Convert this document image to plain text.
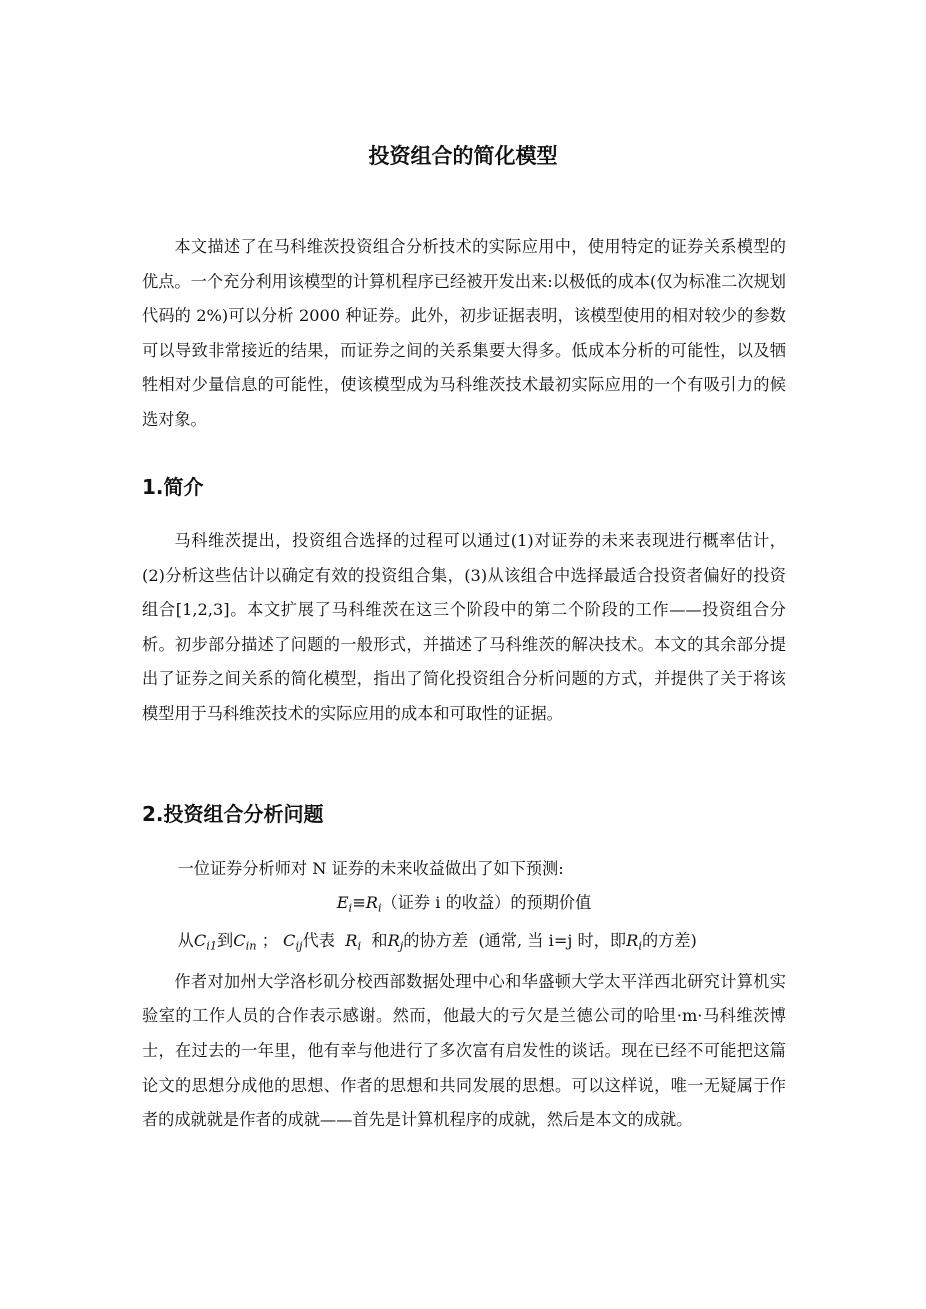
投资组合的简化模型

本文描述了在马科维茨投资组合分析技术的实际应用中，使用特定的证券关系模型的优点。一个充分利用该模型的计算机程序已经被开发出来:以极低的成本(仅为标准二次规划代码的 2%)可以分析 2000 种证券。此外，初步证据表明，该模型使用的相对较少的参数可以导致非常接近的结果，而证券之间的关系集要大得多。低成本分析的可能性，以及牺牲相对少量信息的可能性，使该模型成为马科维茨技术最初实际应用的一个有吸引力的候选对象。

1.简介

马科维茨提出，投资组合选择的过程可以通过(1)对证券的未来表现进行概率估计，(2)分析这些估计以确定有效的投资组合集，(3)从该组合中选择最适合投资者偏好的投资组合[1,2,3]。本文扩展了马科维茨在这三个阶段中的第二个阶段的工作——投资组合分析。初步部分描述了问题的一般形式，并描述了马科维茨的解决技术。本文的其余部分提出了证券之间关系的简化模型，指出了简化投资组合分析问题的方式，并提供了关于将该模型用于马科维茨技术的实际应用的成本和可取性的证据。

2.投资组合分析问题

一位证券分析师对 N 证券的未来收益做出了如下预测:

$E_i\equiv R_i$（证券 i 的收益）的预期价值

从$C_{i1}$到$C_{in}$ ； $C_{ij}$代表 $R_i$ 和$R_j$的协方差 (通常, 当 i=j 时，即$R_i$的方差)

作者对加州大学洛杉矶分校西部数据处理中心和华盛顿大学太平洋西北研究计算机实验室的工作人员的合作表示感谢。然而，他最大的亏欠是兰德公司的哈里·m·马科维茨博士，在过去的一年里，他有幸与他进行了多次富有启发性的谈话。现在已经不可能把这篇论文的思想分成他的思想、作者的思想和共同发展的思想。可以这样说，唯一无疑属于作者的成就就是作者的成就——首先是计算机程序的成就，然后是本文的成就。
